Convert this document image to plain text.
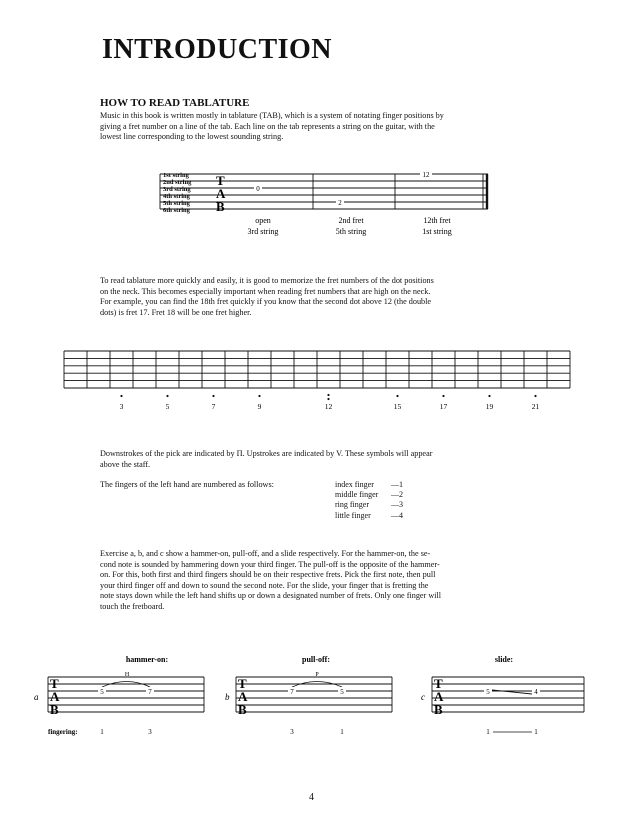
INTRODUCTION
HOW TO READ TABLATURE
Music in this book is written mostly in tablature (TAB), which is a system of notating finger positions by
giving a fret number on a line of the tab. Each line on the tab represents a string on the guitar, with the
lowest line corresponding to the lowest sounding string.
1st string
2nd string
3rd string
4th string
5th string
6th string
T
A
B
0
2
12
open
3rd string
2nd fret
5th string
12th fret
1st string
To read tablature more quickly and easily, it is good to memorize the fret numbers of the dot positions
on the neck. This becomes especially important when reading fret numbers that are high on the neck.
For example, you can find the 18th fret quickly if you know that the second dot above 12 (the double
dots) is fret 17. Fret 18 will be one fret higher.
3	5	7	9	12	15	17	19	21
Downstrokes of the pick are indicated by Π. Upstrokes are indicated by V. These symbols will appear
above the staff.
The fingers of the left hand are numbered as follows:	index finger	—1
middle finger	—2
ring finger	—3
little finger	—4
Exercise a, b, and c show a hammer-on, pull-off, and a slide respectively. For the hammer-on, the se-
cond note is sounded by hammering down your third finger. The pull-off is the opposite of the hammer-
on. For this, both first and third fingers should be on their respective frets. Pick the first note, then pull
your third finger off and down to sound the second note. For the slide, your finger that is fretting the
note stays down while the left hand shifts up or down a designated number of frets. Only one finger will
touch the fretboard.
hammer-on:
T
A
B
a
H
5	7
fingering:	1	3
pull-off:
T
A
B
b
P
7	5
3	1
slide:
T
A
B
c	5	4
1	1
4
